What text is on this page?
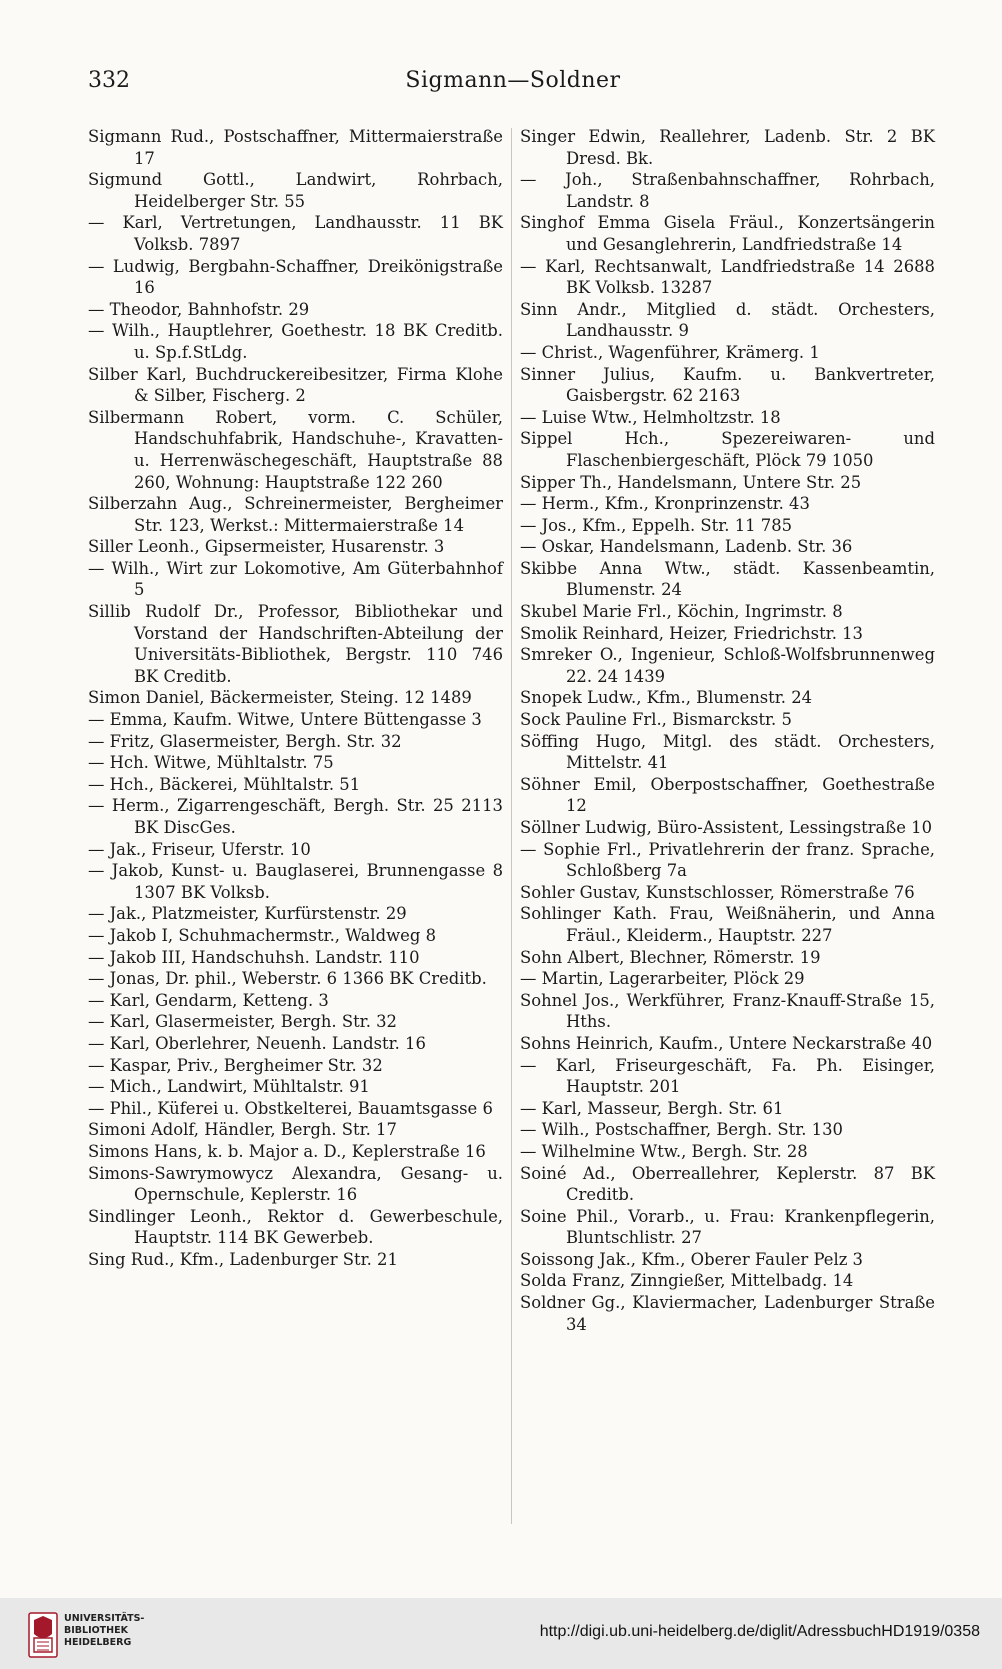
332	Sigmann—Soldner

Sigmann Rud., Postschaffner, Mittermaierstraße 17

Sigmund Gottl., Landwirt, Rohrbach, Heidelberger Str. 55

— Karl, Vertretungen, Landhausstr. 11 BK Volksb. 7897

— Ludwig, Bergbahn-Schaffner, Dreikönigstraße 16

— Theodor, Bahnhofstr. 29

— Wilh., Hauptlehrer, Goethestr. 18 BK Creditb. u. Sp.f.StLdg.

Silber Karl, Buchdruckereibesitzer, Firma Klohe & Silber, Fischerg. 2

Silbermann Robert, vorm. C. Schüler, Handschuhfabrik, Handschuhe-, Kravatten- u. Herrenwäschegeschäft, Hauptstraße 88 260, Wohnung: Hauptstraße 122 260

Silberzahn Aug., Schreinermeister, Bergheimer Str. 123, Werkst.: Mittermaierstraße 14

Siller Leonh., Gipsermeister, Husarenstr. 3

— Wilh., Wirt zur Lokomotive, Am Güterbahnhof 5

Sillib Rudolf Dr., Professor, Bibliothekar und Vorstand der Handschriften-Abteilung der Universitäts-Bibliothek, Bergstr. 110 746 BK Creditb.

Simon Daniel, Bäckermeister, Steing. 12 1489

— Emma, Kaufm. Witwe, Untere Büttengasse 3

— Fritz, Glasermeister, Bergh. Str. 32

— Hch. Witwe, Mühltalstr. 75

— Hch., Bäckerei, Mühltalstr. 51

— Herm., Zigarrengeschäft, Bergh. Str. 25 2113 BK DiscGes.

— Jak., Friseur, Uferstr. 10

— Jakob, Kunst- u. Bauglaserei, Brunnengasse 8 1307 BK Volksb.

— Jak., Platzmeister, Kurfürstenstr. 29

— Jakob I, Schuhmachermstr., Waldweg 8

— Jakob III, Handschuhsh. Landstr. 110

— Jonas, Dr. phil., Weberstr. 6 1366 BK Creditb.

— Karl, Gendarm, Ketteng. 3

— Karl, Glasermeister, Bergh. Str. 32

— Karl, Oberlehrer, Neuenh. Landstr. 16

— Kaspar, Priv., Bergheimer Str. 32

— Mich., Landwirt, Mühltalstr. 91

— Phil., Küferei u. Obstkelterei, Bauamtsgasse 6

Simoni Adolf, Händler, Bergh. Str. 17

Simons Hans, k. b. Major a. D., Keplerstraße 16

Simons-Sawrymowycz Alexandra, Gesang- u. Opernschule, Keplerstr. 16

Sindlinger Leonh., Rektor d. Gewerbeschule, Hauptstr. 114 BK Gewerbeb.

Sing Rud., Kfm., Ladenburger Str. 21

Singer Edwin, Reallehrer, Ladenb. Str. 2 BK Dresd. Bk.

— Joh., Straßenbahnschaffner, Rohrbach, Landstr. 8

Singhof Emma Gisela Fräul., Konzertsängerin und Gesanglehrerin, Landfriedstraße 14

— Karl, Rechtsanwalt, Landfriedstraße 14 2688 BK Volksb. 13287

Sinn Andr., Mitglied d. städt. Orchesters, Landhausstr. 9

— Christ., Wagenführer, Krämerg. 1

Sinner Julius, Kaufm. u. Bankvertreter, Gaisbergstr. 62 2163

— Luise Wtw., Helmholtzstr. 18

Sippel Hch., Spezereiwaren- und Flaschenbiergeschäft, Plöck 79 1050

Sipper Th., Handelsmann, Untere Str. 25

— Herm., Kfm., Kronprinzenstr. 43

— Jos., Kfm., Eppelh. Str. 11 785

— Oskar, Handelsmann, Ladenb. Str. 36

Skibbe Anna Wtw., städt. Kassenbeamtin, Blumenstr. 24

Skubel Marie Frl., Köchin, Ingrimstr. 8

Smolik Reinhard, Heizer, Friedrichstr. 13

Smreker O., Ingenieur, Schloß-Wolfsbrunnenweg 22. 24 1439

Snopek Ludw., Kfm., Blumenstr. 24

Sock Pauline Frl., Bismarckstr. 5

Söffing Hugo, Mitgl. des städt. Orchesters, Mittelstr. 41

Söhner Emil, Oberpostschaffner, Goethestraße 12

Söllner Ludwig, Büro-Assistent, Lessingstraße 10

— Sophie Frl., Privatlehrerin der franz. Sprache, Schloßberg 7a

Sohler Gustav, Kunstschlosser, Römerstraße 76

Sohlinger Kath. Frau, Weißnäherin, und Anna Fräul., Kleiderm., Hauptstr. 227

Sohn Albert, Blechner, Römerstr. 19

— Martin, Lagerarbeiter, Plöck 29

Sohnel Jos., Werkführer, Franz-Knauff-Straße 15, Hths.

Sohns Heinrich, Kaufm., Untere Neckarstraße 40

— Karl, Friseurgeschäft, Fa. Ph. Eisinger, Hauptstr. 201

— Karl, Masseur, Bergh. Str. 61

— Wilh., Postschaffner, Bergh. Str. 130

— Wilhelmine Wtw., Bergh. Str. 28

Soiné Ad., Oberreallehrer, Keplerstr. 87 BK Creditb.

Soine Phil., Vorarb., u. Frau: Krankenpflegerin, Bluntschlistr. 27

Soissong Jak., Kfm., Oberer Fauler Pelz 3

Solda Franz, Zinngießer, Mittelbadg. 14

Soldner Gg., Klaviermacher, Ladenburger Straße 34

UNIVERSITÄTS-
BIBLIOTHEK
HEIDELBERG
http://digi.ub.uni-heidelberg.de/diglit/AdressbuchHD1919/0358
